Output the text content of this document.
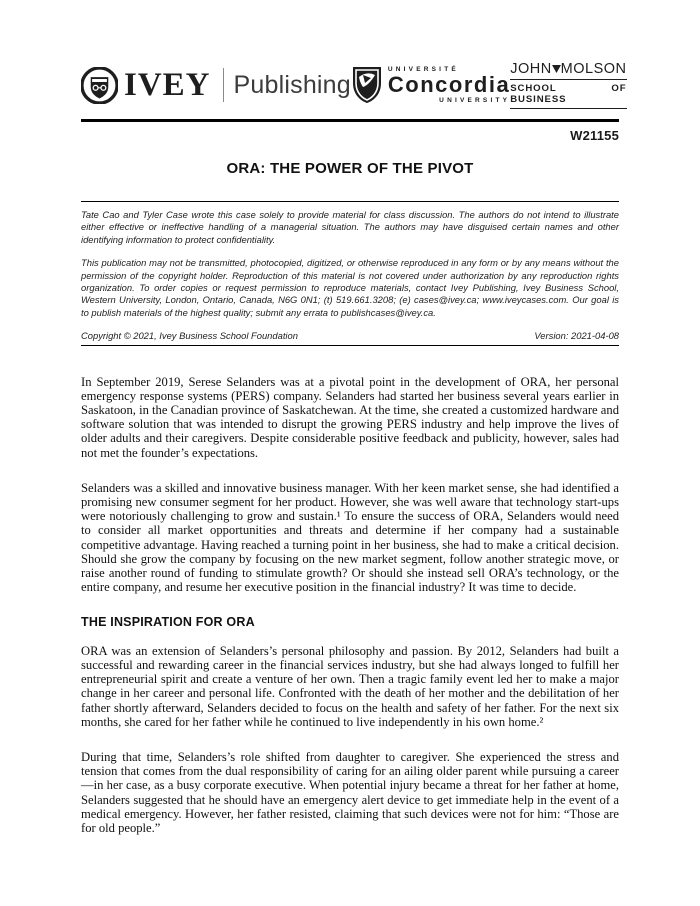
IVEY Publishing
UNIVERSITÉ
Concordia
UNIVERSITY
JOHN MOLSON
SCHOOL OF BUSINESS
W21155
ORA: THE POWER OF THE PIVOT

Tate Cao and Tyler Case wrote this case solely to provide material for class discussion. The authors do not intend to illustrate either effective or ineffective handling of a managerial situation. The authors may have disguised certain names and other identifying information to protect confidentiality.

This publication may not be transmitted, photocopied, digitized, or otherwise reproduced in any form or by any means without the permission of the copyright holder. Reproduction of this material is not covered under authorization by any reproduction rights organization. To order copies or request permission to reproduce materials, contact Ivey Publishing, Ivey Business School, Western University, London, Ontario, Canada, N6G 0N1; (t) 519.661.3208; (e) cases@ivey.ca; www.iveycases.com. Our goal is to publish materials of the highest quality; submit any errata to publishcases@ivey.ca.

Copyright © 2021, Ivey Business School Foundation	Version: 2021-04-08

In September 2019, Serese Selanders was at a pivotal point in the development of ORA, her personal emergency response systems (PERS) company. Selanders had started her business several years earlier in Saskatoon, in the Canadian province of Saskatchewan. At the time, she created a customized hardware and software solution that was intended to disrupt the growing PERS industry and help improve the lives of older adults and their caregivers. Despite considerable positive feedback and publicity, however, sales had not met the founder’s expectations.

Selanders was a skilled and innovative business manager. With her keen market sense, she had identified a promising new consumer segment for her product. However, she was well aware that technology start-ups were notoriously challenging to grow and sustain.¹ To ensure the success of ORA, Selanders would need to consider all market opportunities and threats and determine if her company had a sustainable competitive advantage. Having reached a turning point in her business, she had to make a critical decision. Should she grow the company by focusing on the new market segment, follow another strategic move, or raise another round of funding to stimulate growth? Or should she instead sell ORA’s technology, or the entire company, and resume her executive position in the financial industry? It was time to decide.

THE INSPIRATION FOR ORA

ORA was an extension of Selanders’s personal philosophy and passion. By 2012, Selanders had built a successful and rewarding career in the financial services industry, but she had always longed to fulfill her entrepreneurial spirit and create a venture of her own. Then a tragic family event led her to make a major change in her career and personal life. Confronted with the death of her mother and the debilitation of her father shortly afterward, Selanders decided to focus on the health and safety of her father. For the next six months, she cared for her father while he continued to live independently in his own home.²

During that time, Selanders’s role shifted from daughter to caregiver. She experienced the stress and tension that comes from the dual responsibility of caring for an ailing older parent while pursuing a career—in her case, as a busy corporate executive. When potential injury became a threat for her father at home, Selanders suggested that he should have an emergency alert device to get immediate help in the event of a medical emergency. However, her father resisted, claiming that such devices were not for him: “Those are for old people.”
